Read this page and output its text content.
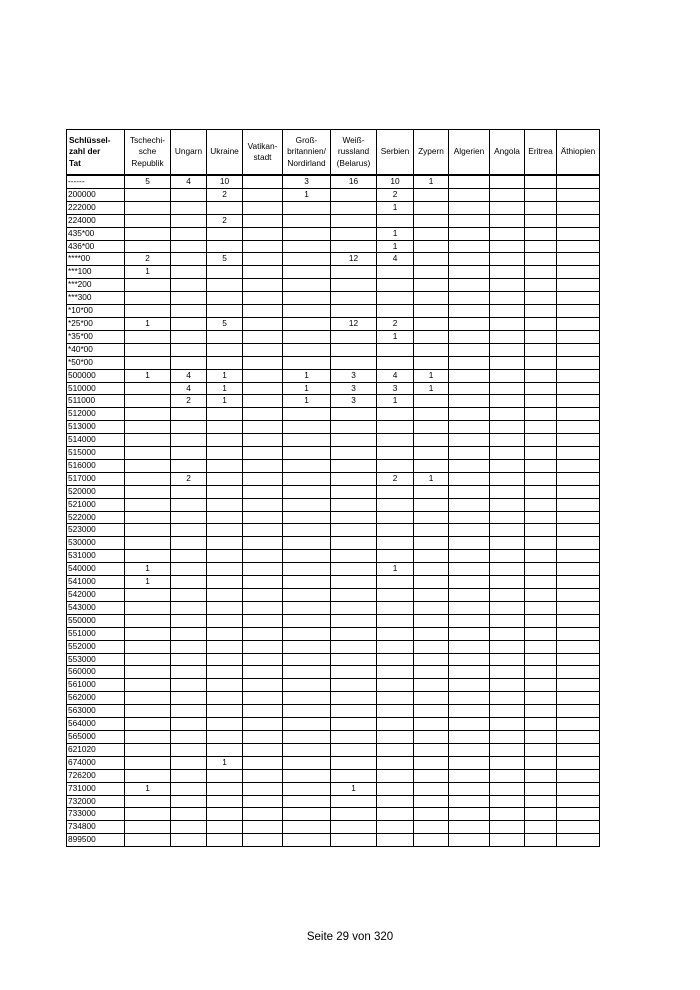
Schlüssel-
zahl der
Tat	Tschechi-
sche
Republik	Ungarn	Ukraine	Vatikan-
stadt	Groß-
britannien/
Nordirland	Weiß-
russland
(Belarus)	Serbien	Zypern	Algerien	Angola	Eritrea	Äthiopien
------	5	4	10		3	16	10	1				
200000			2		1		2					
222000							1					
224000			2									
435*00							1					
436*00							1					
****00	2		5			12	4					
***100	1											
***200												
***300												
*10*00												
*25*00	1		5			12	2					
*35*00							1					
*40*00												
*50*00												
500000	1	4	1		1	3	4	1				
510000		4	1		1	3	3	1				
511000		2	1		1	3	1					
512000												
513000												
514000												
515000												
516000												
517000		2					2	1				
520000												
521000												
522000												
523000												
530000												
531000												
540000	1						1					
541000	1											
542000												
543000												
550000												
551000												
552000												
553000												
560000												
561000												
562000												
563000												
564000												
565000												
621020												
674000			1									
726200												
731000	1					1						
732000												
733000												
734800												
899500												
Seite 29 von 320
